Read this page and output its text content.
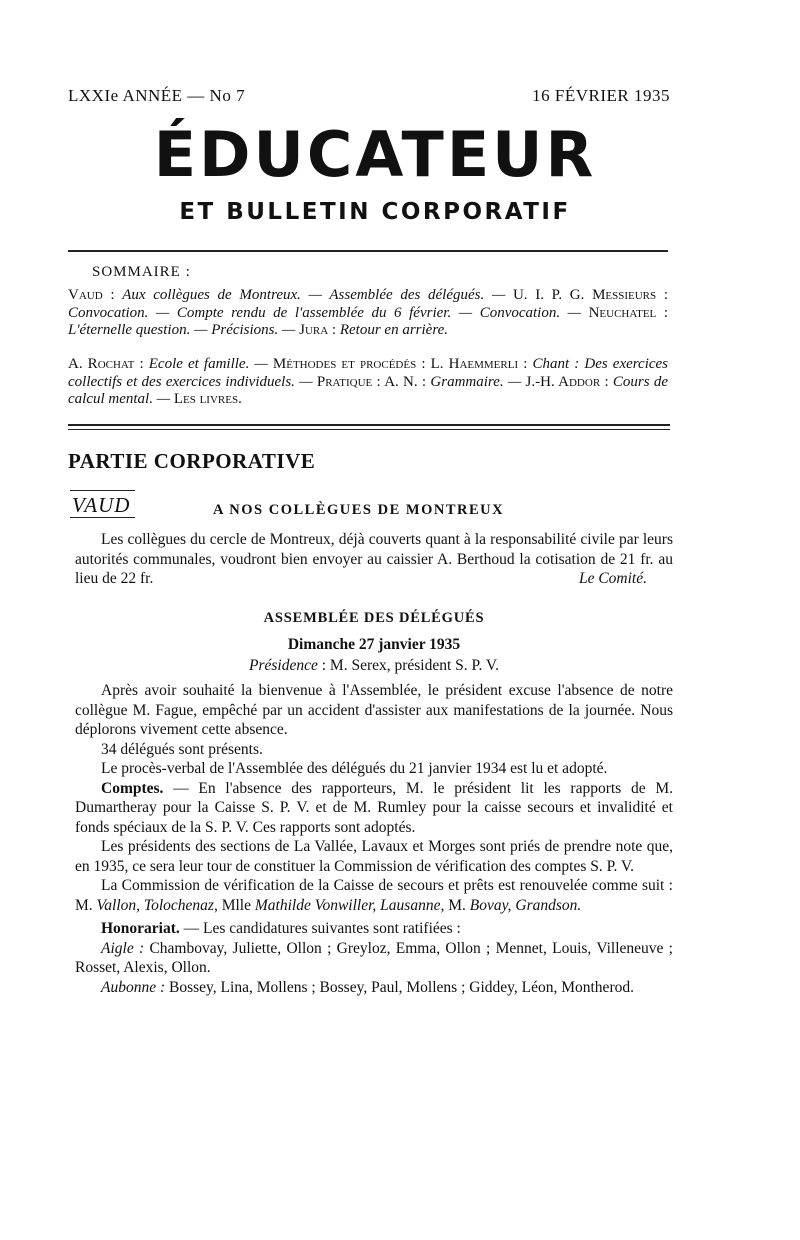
LXXIe ANNÉE — No 7	16 FÉVRIER 1935
ÉDUCATEUR
ET BULLETIN CORPORATIF
SOMMAIRE :
Vaud : Aux collègues de Montreux. — Assemblée des délégués. — U. I. P. G. Messieurs : Convocation. — Compte rendu de l'assemblée du 6 février. — Convocation. — Neuchatel : L'éternelle question. — Précisions. — Jura : Retour en arrière.
A. Rochat : Ecole et famille. — Méthodes et procédés : L. Haemmerli : Chant : Des exercices collectifs et des exercices individuels. — Pratique : A. N. : Grammaire. — J.-H. Addor : Cours de calcul mental. — Les livres.
PARTIE CORPORATIVE
VAUD	A NOS COLLÈGUES DE MONTREUX
Les collègues du cercle de Montreux, déjà couverts quant à la responsabilité civile par leurs autorités communales, voudront bien envoyer au caissier A. Berthoud la cotisation de 21 fr. au lieu de 22 fr.	Le Comité.
ASSEMBLÉE DES DÉLÉGUÉS
Dimanche 27 janvier 1935
Présidence : M. Serex, président S. P. V.
Après avoir souhaité la bienvenue à l'Assemblée, le président excuse l'absence de notre collègue M. Fague, empêché par un accident d'assister aux manifestations de la journée. Nous déplorons vivement cette absence.
34 délégués sont présents.
Le procès-verbal de l'Assemblée des délégués du 21 janvier 1934 est lu et adopté.
Comptes. — En l'absence des rapporteurs, M. le président lit les rapports de M. Dumartheray pour la Caisse S. P. V. et de M. Rumley pour la caisse secours et invalidité et fonds spéciaux de la S. P. V. Ces rapports sont adoptés.
Les présidents des sections de La Vallée, Lavaux et Morges sont priés de prendre note que, en 1935, ce sera leur tour de constituer la Commission de vérification des comptes S. P. V.
La Commission de vérification de la Caisse de secours et prêts est renouvelée comme suit : M. Vallon, Tolochenaz, Mlle Mathilde Vonwiller, Lausanne, M. Bovay, Grandson.
Honorariat. — Les candidatures suivantes sont ratifiées :
Aigle : Chambovay, Juliette, Ollon ; Greyloz, Emma, Ollon ; Mennet, Louis, Villeneuve ; Rosset, Alexis, Ollon.
Aubonne : Bossey, Lina, Mollens ; Bossey, Paul, Mollens ; Giddey, Léon, Montherod.
